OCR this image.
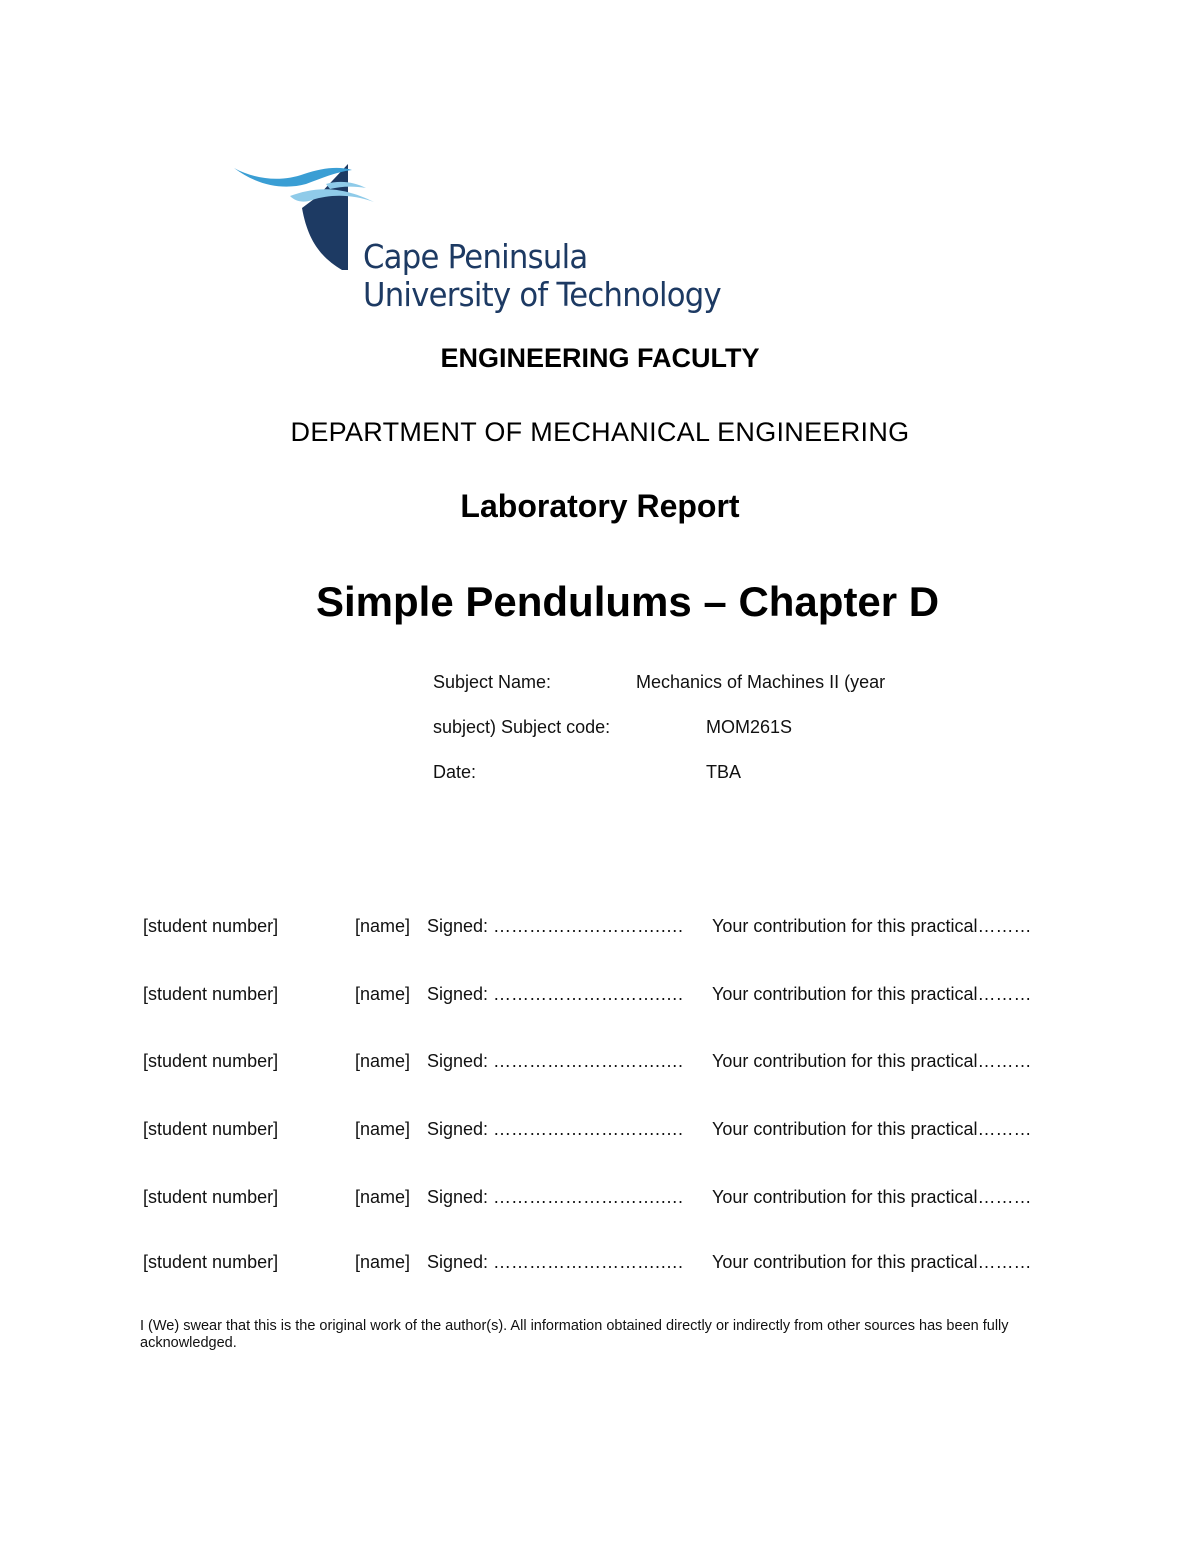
Cape Peninsula
University of Technology
ENGINEERING FACULTY
DEPARTMENT OF MECHANICAL ENGINEERING
Laboratory Report
Simple Pendulums – Chapter D
Subject Name:	Mechanics of Machines II (year
subject) Subject code:	MOM261S
Date:	TBA
[student number]	[name] Signed: ……………………….…. Your contribution for this practical………
[student number]	[name] Signed: ……………………….…. Your contribution for this practical………
[student number]	[name] Signed: ……………………….…. Your contribution for this practical………
[student number]	[name] Signed: ……………………….…. Your contribution for this practical………
[student number]	[name] Signed: ……………………….…. Your contribution for this practical………
[student number]	[name] Signed: ……………………….…. Your contribution for this practical………
I (We) swear that this is the original work of the author(s). All information obtained directly or indirectly from other sources has been fully acknowledged.
